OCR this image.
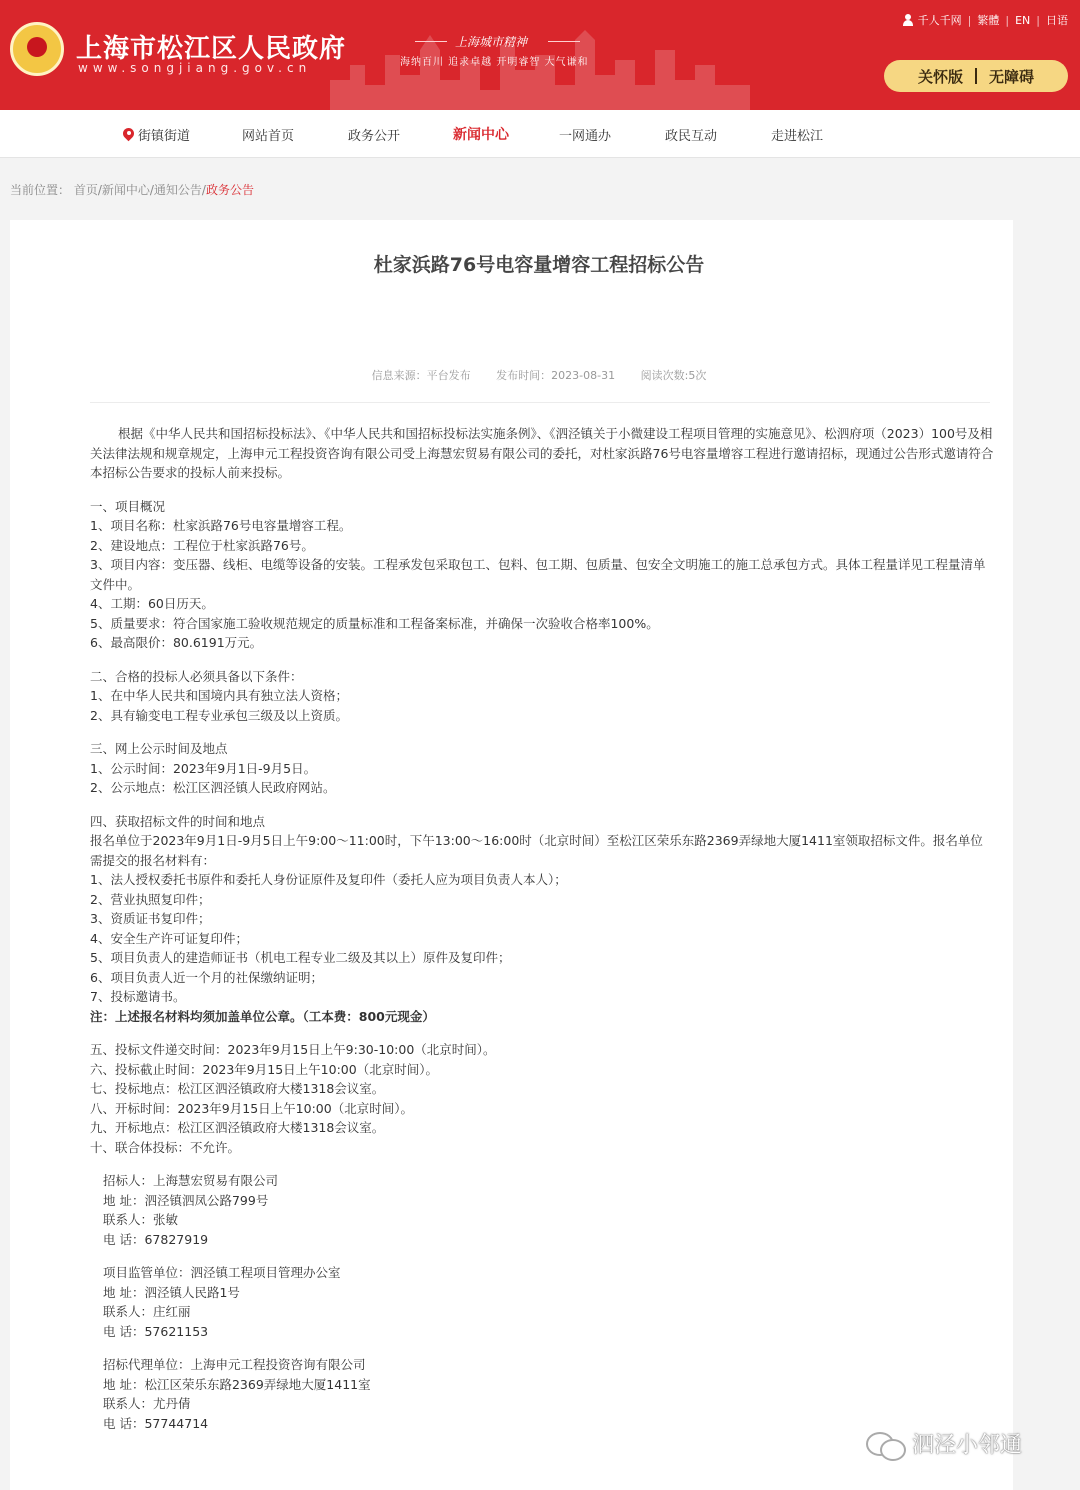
上海市松江区人民政府
www.songjiang.gov.cn
上海城市精神
海纳百川 追求卓越 开明睿智 大气谦和
千人千网 | 繁體 | EN | 日语
关怀版 无障碍
街镇街道	网站首页	政务公开	新闻中心	一网通办	政民互动	走进松江
当前位置： 首页/新闻中心/通知公告/政务公告
杜家浜路76号电容量增容工程招标公告
信息来源：平台发布 发布时间：2023-08-31 阅读次数:5次
根据《中华人民共和国招标投标法》、《中华人民共和国招标投标法实施条例》、《泗泾镇关于小微建设工程项目管理的实施意见》、松泗府项（2023）100号及相关法律法规和规章规定，上海申元工程投资咨询有限公司受上海慧宏贸易有限公司的委托，对杜家浜路76号电容量增容工程进行邀请招标，现通过公告形式邀请符合本招标公告要求的投标人前来投标。
一、项目概况
1、项目名称：杜家浜路76号电容量增容工程。
2、建设地点：工程位于杜家浜路76号。
3、项目内容：变压器、线柜、电缆等设备的安装。工程承发包采取包工、包料、包工期、包质量、包安全文明施工的施工总承包方式。具体工程量详见工程量清单文件中。
4、工期：60日历天。
5、质量要求：符合国家施工验收规范规定的质量标准和工程备案标准，并确保一次验收合格率100%。
6、最高限价：80.6191万元。
二、合格的投标人必须具备以下条件：
1、在中华人民共和国境内具有独立法人资格；
2、具有输变电工程专业承包三级及以上资质。
三、网上公示时间及地点
1、公示时间：2023年9月1日-9月5日。
2、公示地点：松江区泗泾镇人民政府网站。
四、获取招标文件的时间和地点
报名单位于2023年9月1日-9月5日上午9:00～11:00时，下午13:00～16:00时（北京时间）至松江区荣乐东路2369弄绿地大厦1411室领取招标文件。报名单位需提交的报名材料有：
1、法人授权委托书原件和委托人身份证原件及复印件（委托人应为项目负责人本人）；
2、营业执照复印件；
3、资质证书复印件；
4、安全生产许可证复印件；
5、项目负责人的建造师证书（机电工程专业二级及其以上）原件及复印件；
6、项目负责人近一个月的社保缴纳证明；
7、投标邀请书。
注：上述报名材料均须加盖单位公章。（工本费：800元现金）
五、投标文件递交时间：2023年9月15日上午9:30-10:00（北京时间）。
六、投标截止时间：2023年9月15日上午10:00（北京时间）。
七、投标地点：松江区泗泾镇政府大楼1318会议室。
八、开标时间：2023年9月15日上午10:00（北京时间）。
九、开标地点：松江区泗泾镇政府大楼1318会议室。
十、联合体投标：不允许。
招标人：上海慧宏贸易有限公司
地 址：泗泾镇泗凤公路799号
联系人：张敏
电 话：67827919
项目监管单位：泗泾镇工程项目管理办公室
地 址：泗泾镇人民路1号
联系人：庄红丽
电 话：57621153
招标代理单位：上海申元工程投资咨询有限公司
地 址：松江区荣乐东路2369弄绿地大厦1411室
联系人：尤丹倩
电 话：57744714
泗泾小邻通
